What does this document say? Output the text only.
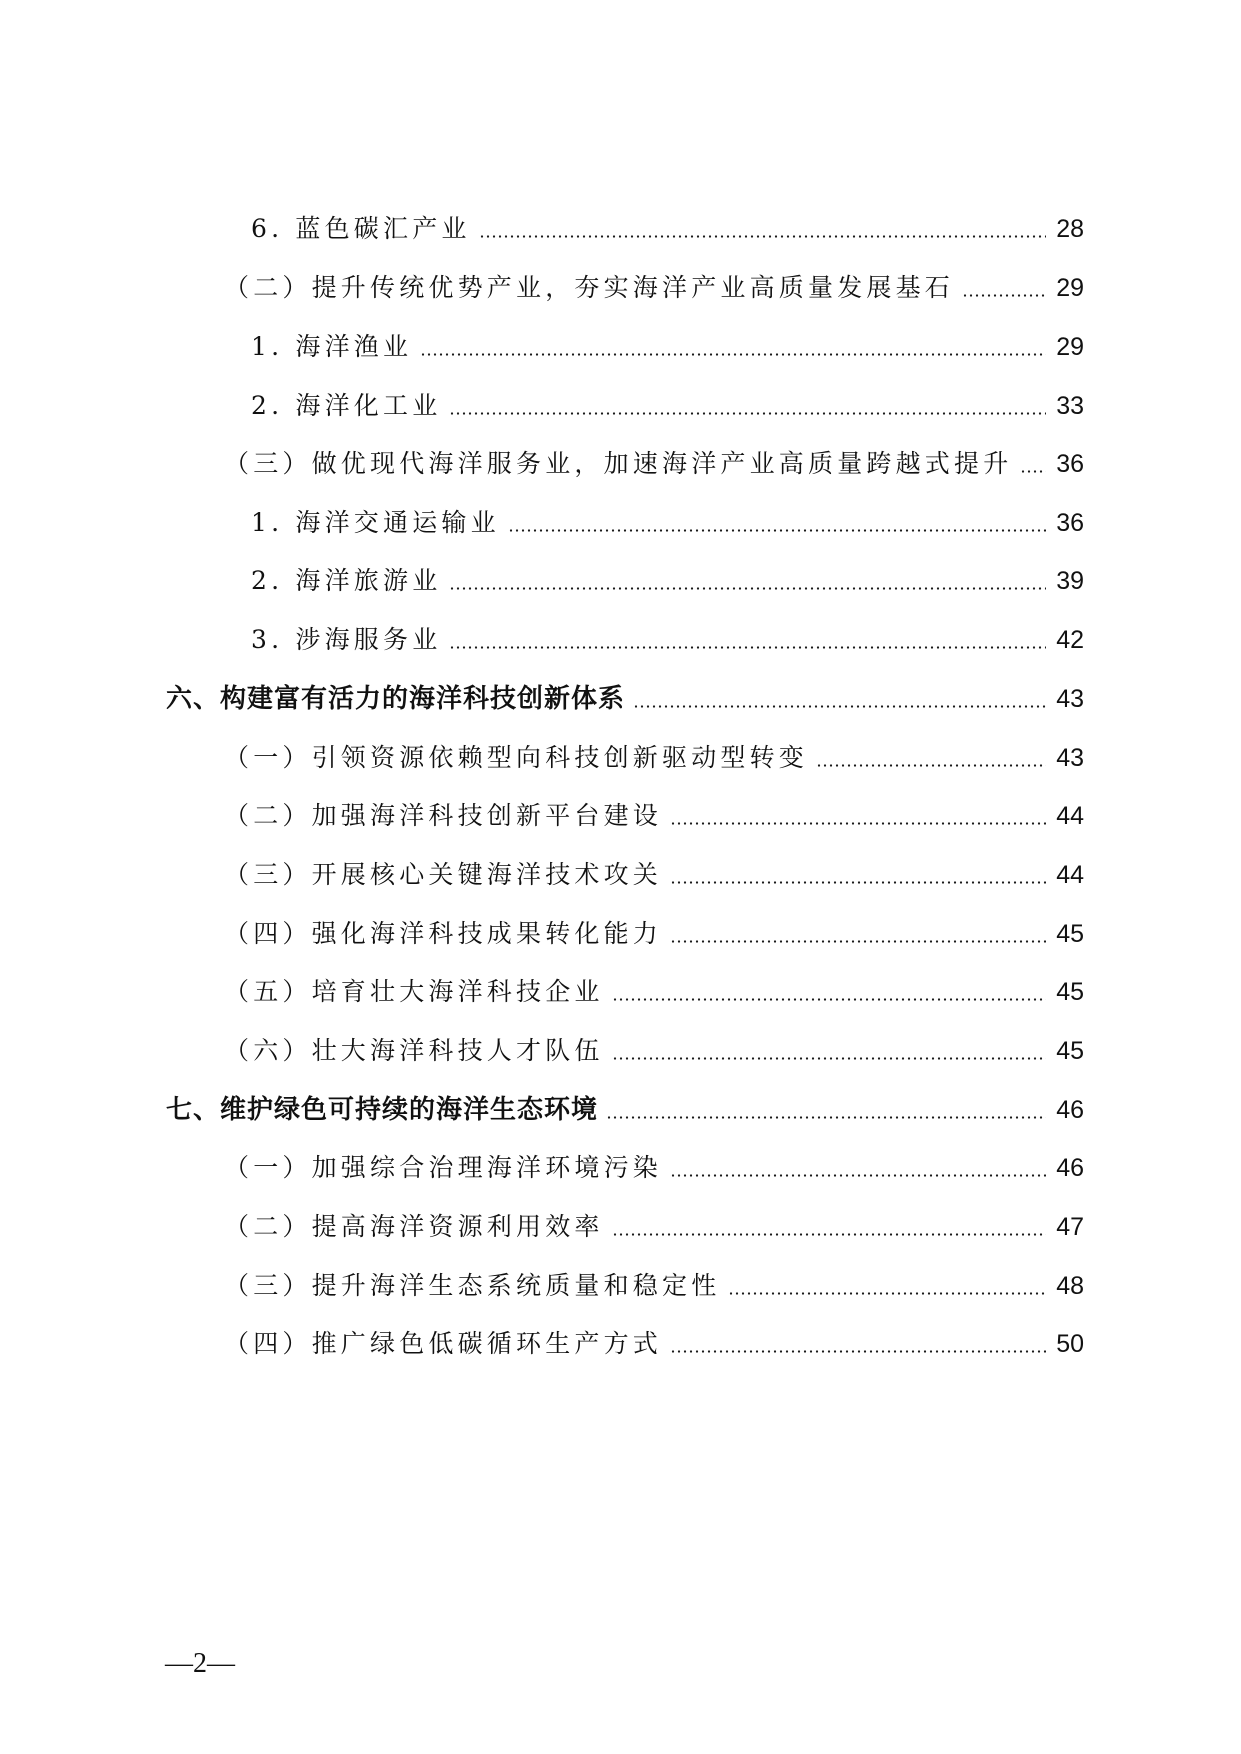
6. 蓝色碳汇产业	28
（二）提升传统优势产业，夯实海洋产业高质量发展基石	29
1. 海洋渔业	29
2. 海洋化工业	33
（三）做优现代海洋服务业，加速海洋产业高质量跨越式提升 36
1. 海洋交通运输业	36
2. 海洋旅游业	39
3. 涉海服务业	42
六、构建富有活力的海洋科技创新体系	43
（一）引领资源依赖型向科技创新驱动型转变	43
（二）加强海洋科技创新平台建设	44
（三）开展核心关键海洋技术攻关	44
（四）强化海洋科技成果转化能力	45
（五）培育壮大海洋科技企业	45
（六）壮大海洋科技人才队伍	45
七、维护绿色可持续的海洋生态环境	46
（一）加强综合治理海洋环境污染	46
（二）提高海洋资源利用效率	47
（三）提升海洋生态系统质量和稳定性	48
（四）推广绿色低碳循环生产方式	50
—2—
